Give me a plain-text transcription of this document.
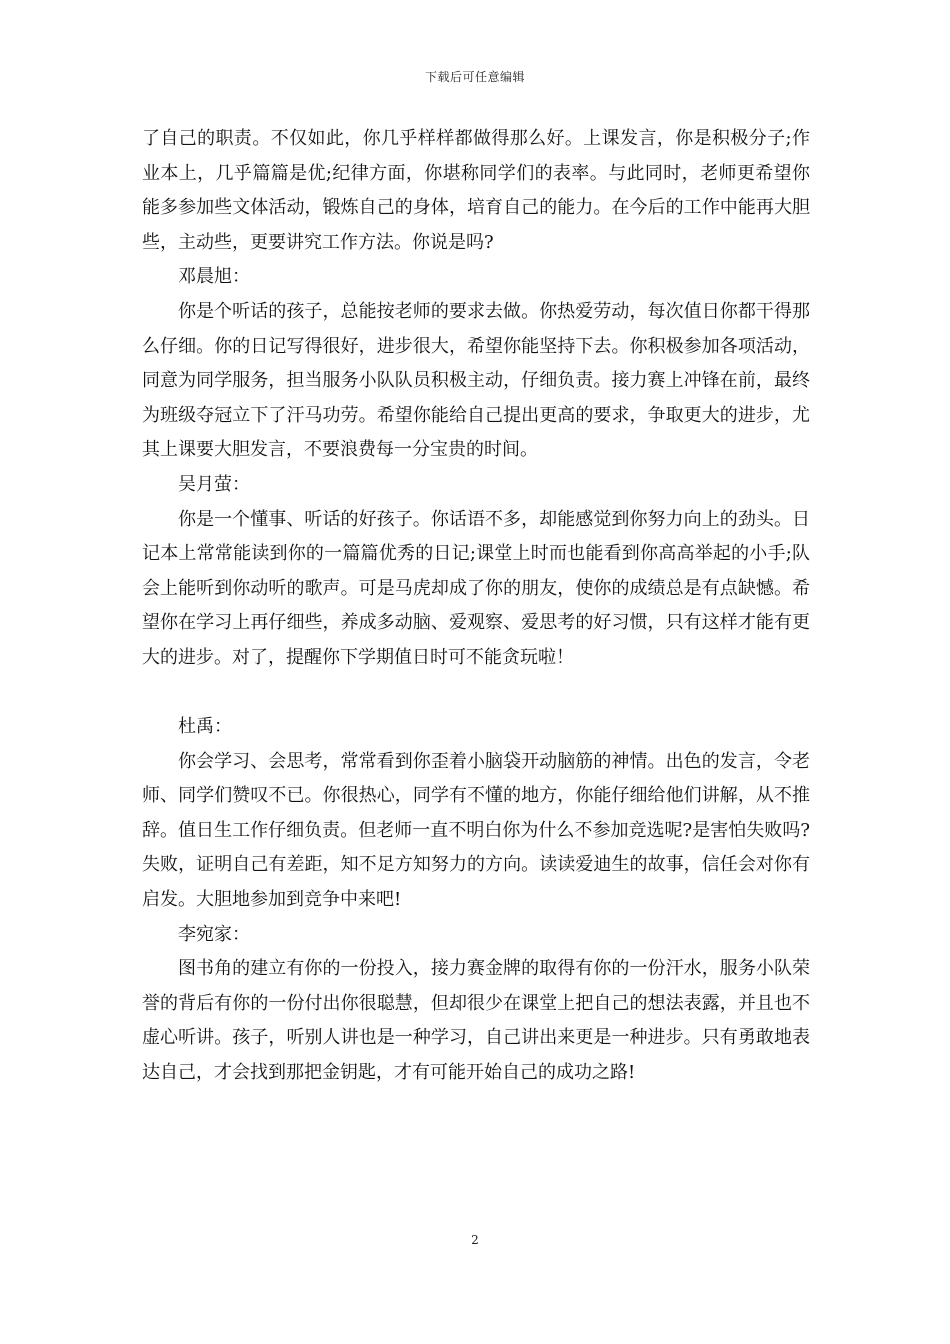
下载后可任意编辑

了自己的职责。不仅如此，你几乎样样都做得那么好。上课发言，你是积极分子;作业本上，几乎篇篇是优;纪律方面，你堪称同学们的表率。与此同时，老师更希望你能多参加些文体活动，锻炼自己的身体，培育自己的能力。在今后的工作中能再大胆些，主动些，更要讲究工作方法。你说是吗?

邓晨旭：

你是个听话的孩子，总能按老师的要求去做。你热爱劳动，每次值日你都干得那么仔细。你的日记写得很好，进步很大，希望你能坚持下去。你积极参加各项活动，同意为同学服务，担当服务小队队员积极主动，仔细负责。接力赛上冲锋在前，最终为班级夺冠立下了汗马功劳。希望你能给自己提出更高的要求，争取更大的进步，尤其上课要大胆发言，不要浪费每一分宝贵的时间。

吴月萤：

你是一个懂事、听话的好孩子。你话语不多，却能感觉到你努力向上的劲头。日记本上常常能读到你的一篇篇优秀的日记;课堂上时而也能看到你高高举起的小手;队会上能听到你动听的歌声。可是马虎却成了你的朋友，使你的成绩总是有点缺憾。希望你在学习上再仔细些，养成多动脑、爱观察、爱思考的好习惯，只有这样才能有更大的进步。对了，提醒你下学期值日时可不能贪玩啦！

杜禹：

你会学习、会思考，常常看到你歪着小脑袋开动脑筋的神情。出色的发言，令老师、同学们赞叹不已。你很热心，同学有不懂的地方，你能仔细给他们讲解，从不推辞。值日生工作仔细负责。但老师一直不明白你为什么不参加竞选呢?是害怕失败吗?失败，证明自己有差距，知不足方知努力的方向。读读爱迪生的故事，信任会对你有启发。大胆地参加到竞争中来吧!

李宛家：

图书角的建立有你的一份投入，接力赛金牌的取得有你的一份汗水，服务小队荣誉的背后有你的一份付出你很聪慧，但却很少在课堂上把自己的想法表露，并且也不虚心听讲。孩子，听别人讲也是一种学习，自己讲出来更是一种进步。只有勇敢地表达自己，才会找到那把金钥匙，才有可能开始自己的成功之路!

2
